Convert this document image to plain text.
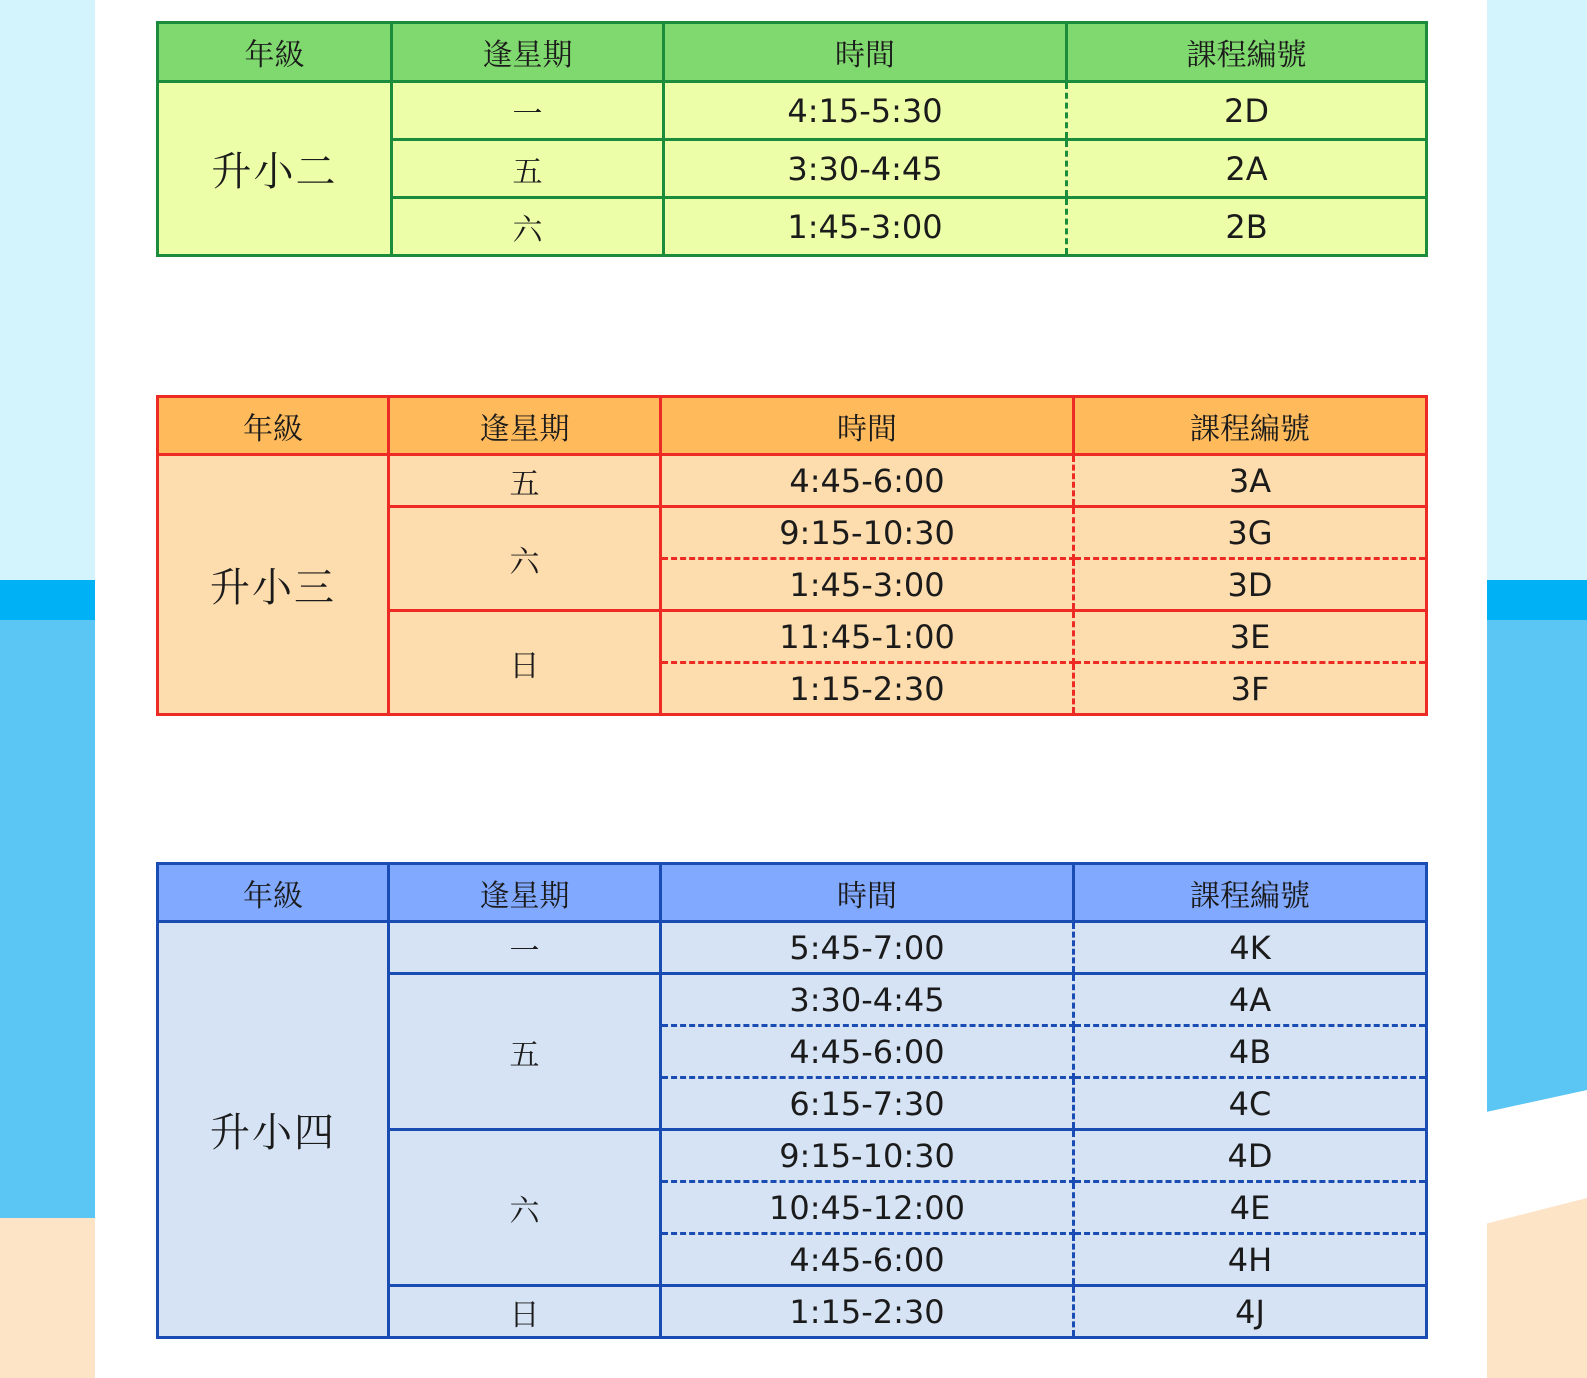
年級	逢星期	時間	課程編號
升小二	一	4:15-5:30	2D
	五	3:30-4:45	2A
	六	1:45-3:00	2B
年級	逢星期	時間	課程編號
升小三	五	4:45-6:00	3A
	六	9:15-10:30	3G
		1:45-3:00	3D
	日	11:45-1:00	3E
		1:15-2:30	3F
年級	逢星期	時間	課程編號
升小四	一	5:45-7:00	4K
	五	3:30-4:45	4A
		4:45-6:00	4B
		6:15-7:30	4C
	六	9:15-10:30	4D
		10:45-12:00	4E
		4:45-6:00	4H
	日	1:15-2:30	4J
